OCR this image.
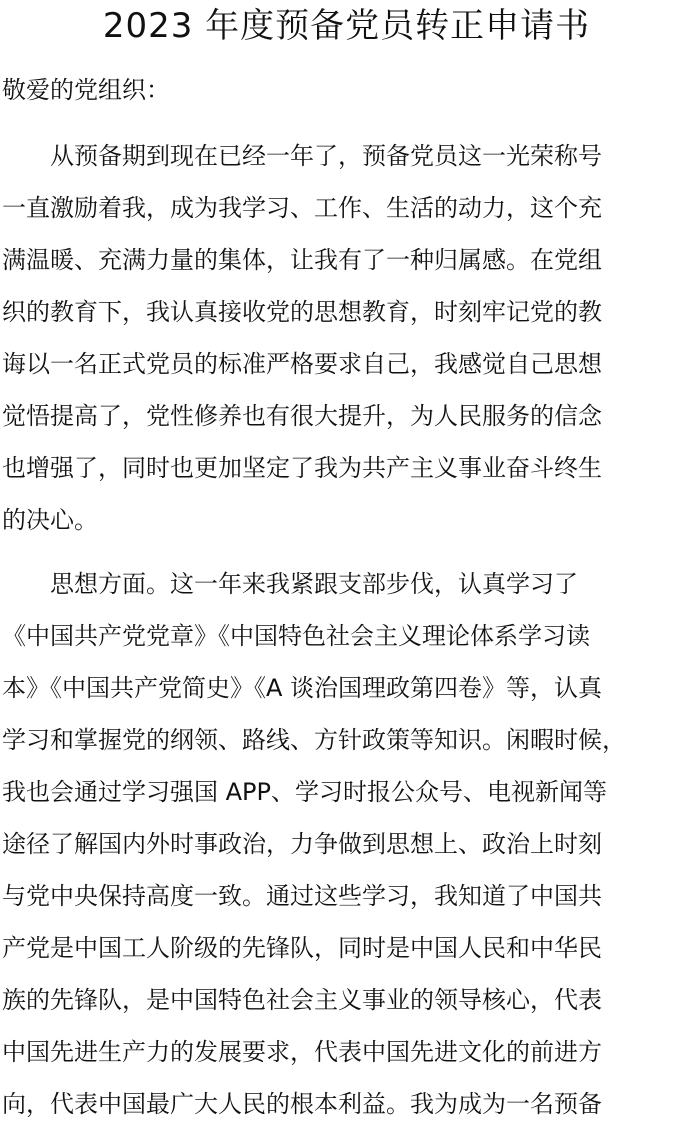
2023 年度预备党员转正申请书
敬爱的党组织：
　　从预备期到现在已经一年了，预备党员这一光荣称号
一直激励着我，成为我学习、工作、生活的动力，这个充
满温暖、充满力量的集体，让我有了一种归属感。在党组
织的教育下，我认真接收党的思想教育，时刻牢记党的教
诲以一名正式党员的标准严格要求自己，我感觉自己思想
觉悟提高了，党性修养也有很大提升，为人民服务的信念
也增强了，同时也更加坚定了我为共产主义事业奋斗终生
的决心。
　　思想方面。这一年来我紧跟支部步伐，认真学习了
《中国共产党党章》《中国特色社会主义理论体系学习读
本》《中国共产党简史》《A 谈治国理政第四卷》等，认真
学习和掌握党的纲领、路线、方针政策等知识。闲暇时候，
我也会通过学习强国 APP、学习时报公众号、电视新闻等
途径了解国内外时事政治，力争做到思想上、政治上时刻
与党中央保持高度一致。通过这些学习，我知道了中国共
产党是中国工人阶级的先锋队，同时是中国人民和中华民
族的先锋队，是中国特色社会主义事业的领导核心，代表
中国先进生产力的发展要求，代表中国先进文化的前进方
向，代表中国最广大人民的根本利益。我为成为一名预备
